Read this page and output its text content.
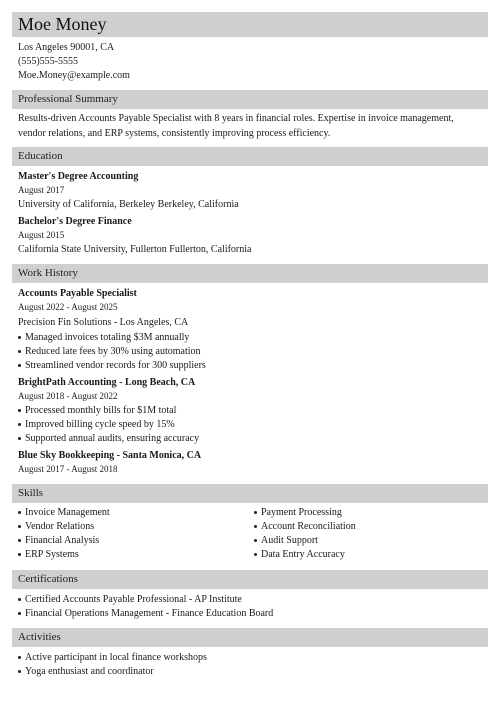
Moe Money
Los Angeles 90001, CA
(555)555-5555
Moe.Money@example.com
Professional Summary
Results-driven Accounts Payable Specialist with 8 years in financial roles. Expertise in invoice management, vendor relations, and ERP systems, consistently improving process efficiency.
Education
Master's Degree Accounting
August 2017
University of California, Berkeley Berkeley, California
Bachelor's Degree Finance
August 2015
California State University, Fullerton Fullerton, California
Work History
Accounts Payable Specialist
August 2022 - August 2025
Precision Fin Solutions - Los Angeles, CA
Managed invoices totaling $3M annually
Reduced late fees by 30% using automation
Streamlined vendor records for 300 suppliers
BrightPath Accounting - Long Beach, CA
August 2018 - August 2022
Processed monthly bills for $1M total
Improved billing cycle speed by 15%
Supported annual audits, ensuring accuracy
Blue Sky Bookkeeping - Santa Monica, CA
August 2017 - August 2018
Skills
Invoice Management
Vendor Relations
Financial Analysis
ERP Systems
Payment Processing
Account Reconciliation
Audit Support
Data Entry Accuracy
Certifications
Certified Accounts Payable Professional - AP Institute
Financial Operations Management - Finance Education Board
Activities
Active participant in local finance workshops
Yoga enthusiast and coordinator
